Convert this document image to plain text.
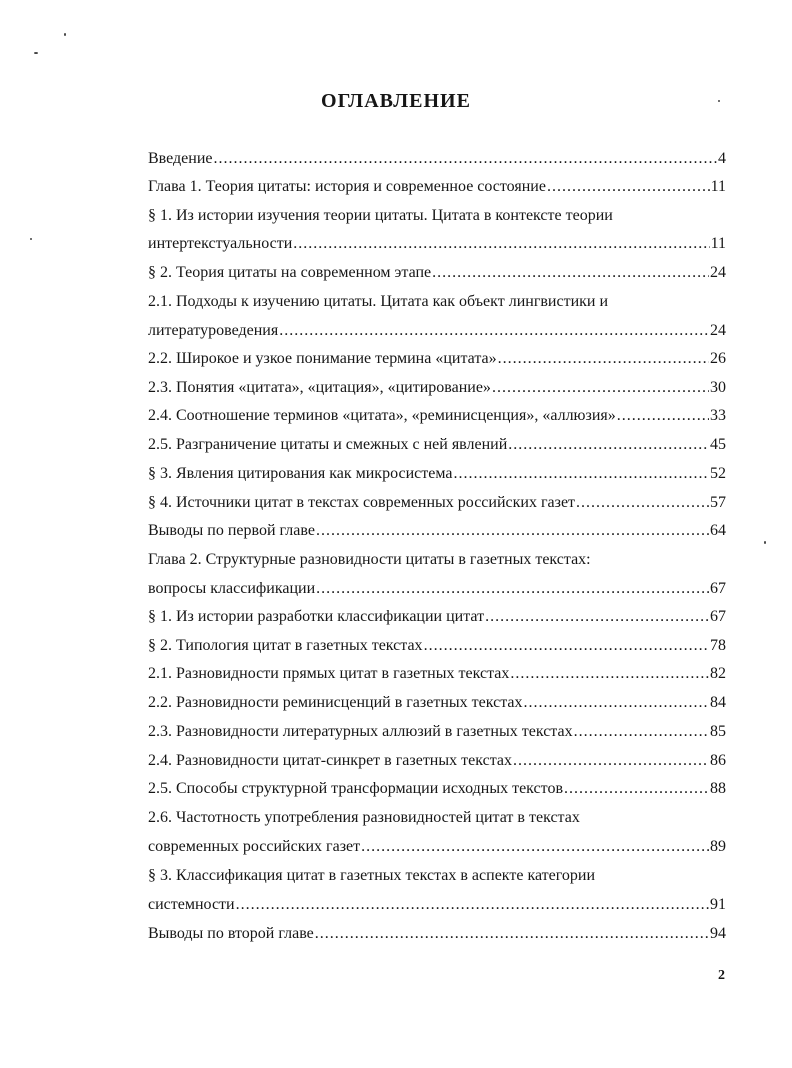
ОГЛАВЛЕНИЕ
Введение .....	4
Глава 1. Теория цитаты: история и современное состояние .....	11
§ 1. Из истории изучения теории цитаты. Цитата в контексте теории
интертекстуальности .....	11
§ 2. Теория цитаты на современном этапе .....	24
2.1. Подходы к изучению цитаты. Цитата как объект лингвистики и
литературоведения .....	24
2.2. Широкое и узкое понимание термина «цитата» .....	26
2.3. Понятия «цитата», «цитация», «цитирование» .....	30
2.4. Соотношение терминов «цитата», «реминисценция», «аллюзия» .....	33
2.5. Разграничение цитаты и смежных с ней явлений .....	45
§ 3. Явления цитирования как микросистема .....	52
§ 4. Источники цитат в текстах современных российских газет .....	57
Выводы по первой главе .....	64
Глава 2. Структурные разновидности цитаты в газетных текстах:
вопросы классификации .....	67
§ 1. Из истории разработки классификации цитат .....	67
§ 2. Типология цитат в газетных текстах .....	78
2.1. Разновидности прямых цитат в газетных текстах .....	82
2.2. Разновидности реминисценций в газетных текстах .....	84
2.3. Разновидности литературных аллюзий в газетных текстах .....	85
2.4. Разновидности цитат-синкрет в газетных текстах .....	86
2.5. Способы структурной трансформации исходных текстов .....	88
2.6. Частотность употребления разновидностей цитат в текстах
современных российских газет .....	89
§ 3. Классификация цитат в газетных текстах в аспекте категории
системности .....	91
Выводы по второй главе .....	94
2
